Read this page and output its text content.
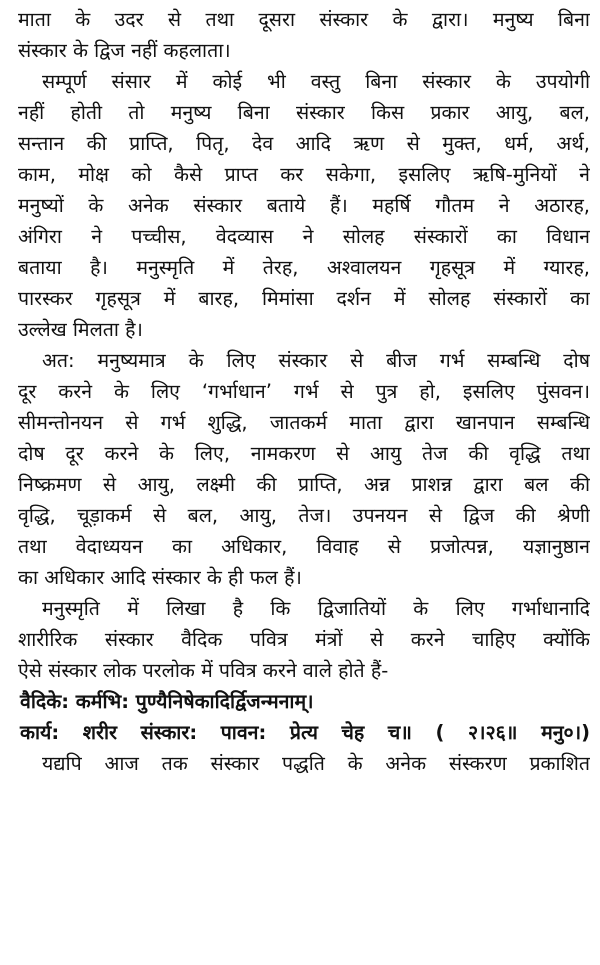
माता के उदर से तथा दूसरा संस्कार के द्वारा। मनुष्य बिना
संस्कार के द्विज नहीं कहलाता।
सम्पूर्ण संसार में कोई भी वस्तु बिना संस्कार के उपयोगी
नहीं होती तो मनुष्य बिना संस्कार किस प्रकार आयु, बल,
सन्तान की प्राप्ति, पितृ, देव आदि ऋण से मुक्त, धर्म, अर्थ,
काम, मोक्ष को कैसे प्राप्त कर सकेगा, इसलिए ऋषि-मुनियों ने
मनुष्यों के अनेक संस्कार बताये हैं। महर्षि गौतम ने अठारह,
अंगिरा ने पच्चीस, वेदव्यास ने सोलह संस्कारों का विधान
बताया है। मनुस्मृति में तेरह, अश्वालयन गृहसूत्र में ग्यारह,
पारस्कर गृहसूत्र में बारह, मिमांसा दर्शन में सोलह संस्कारों का
उल्लेख मिलता है।
अत: मनुष्यमात्र के लिए संस्कार से बीज गर्भ सम्बन्धि दोष
दूर करने के लिए ‘गर्भाधान’ गर्भ से पुत्र हो, इसलिए पुंसवन।
सीमन्तोनयन से गर्भ शुद्धि, जातकर्म माता द्वारा खानपान सम्बन्धि
दोष दूर करने के लिए, नामकरण से आयु तेज की वृद्धि तथा
निष्क्रमण से आयु, लक्ष्मी की प्राप्ति, अन्न प्राशन्न द्वारा बल की
वृद्धि, चूड़ाकर्म से बल, आयु, तेज। उपनयन से द्विज की श्रेणी
तथा वेदाध्ययन का अधिकार, विवाह से प्रजोत्पन्न, यज्ञानुष्ठान
का अधिकार आदि संस्कार के ही फल हैं।
मनुस्मृति में लिखा है कि द्विजातियों के लिए गर्भाधानादि
शारीरिक संस्कार वैदिक पवित्र मंत्रों से करने चाहिए क्योंकि
ऐसे संस्कार लोक परलोक में पवित्र करने वाले होते हैं-
वैदिके: कर्मभि: पुण्यैनिषेकादिर्द्विजन्मनाम्।
कार्य: शरीर संस्कार: पावन: प्रेत्य चेह च॥ ( २।२६॥ मनु०।)
यद्यपि आज तक संस्कार पद्धति के अनेक संस्करण प्रकाशित
